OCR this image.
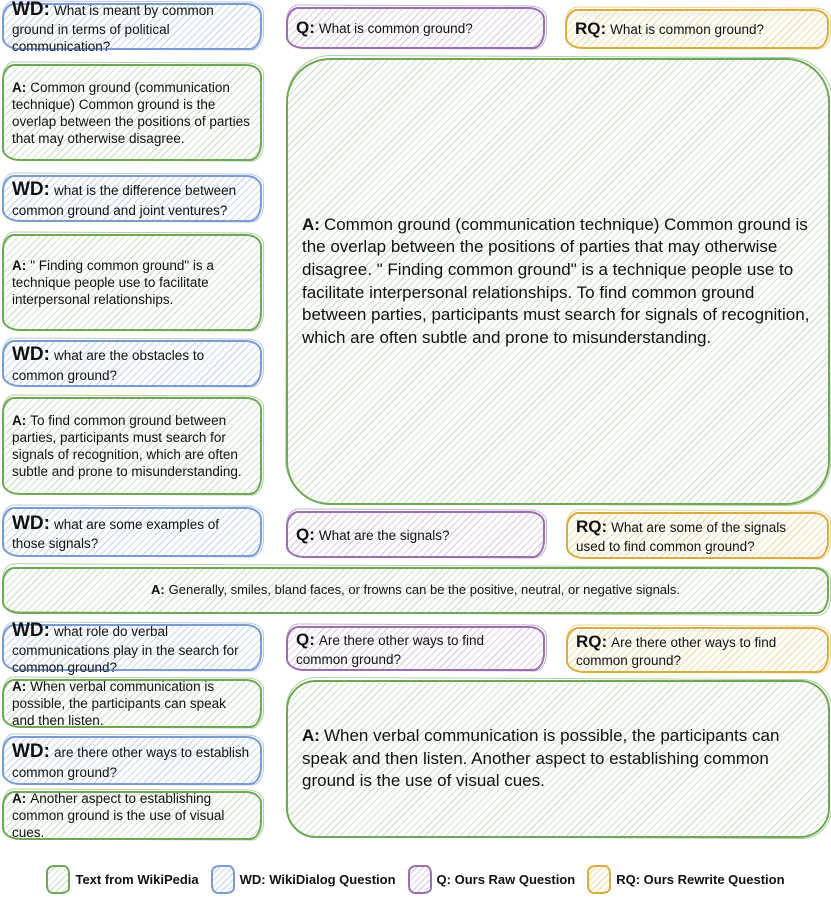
WD: What is meant by common ground in terms of political communication?
A: Common ground (communication technique) Common ground is the overlap between the positions of parties that may otherwise disagree.
WD: what is the difference between common ground and joint ventures?
A: " Finding common ground" is a technique people use to facilitate interpersonal relationships.
WD: what are the obstacles to common ground?
A: To find common ground between parties, participants must search for signals of recognition, which are often subtle and prone to misunderstanding.
WD: what are some examples of those signals?
WD: what role do verbal communications play in the search for common ground?
A: When verbal communication is possible, the participants can speak and then listen.
WD: are there other ways to establish common ground?
A: Another aspect to establishing common ground is the use of visual cues.
Q: What is common ground?
Q: What are the signals?
Q: Are there other ways to find common ground?
RQ: What is common ground?
RQ: What are some of the signals used to find common ground?
RQ: Are there other ways to find common ground?
A: Common ground (communication technique) Common ground is the overlap between the positions of parties that may otherwise disagree. " Finding common ground" is a technique people use to facilitate interpersonal relationships. To find common ground between parties, participants must search for signals of recognition, which are often subtle and prone to misunderstanding.
A: Generally, smiles, bland faces, or frowns can be the positive, neutral, or negative signals.
A: When verbal communication is possible, the participants can speak and then listen. Another aspect to establishing common ground is the use of visual cues.
Text from WikiPedia	WD: WikiDialog Question	Q: Ours Raw Question	RQ: Ours Rewrite Question
